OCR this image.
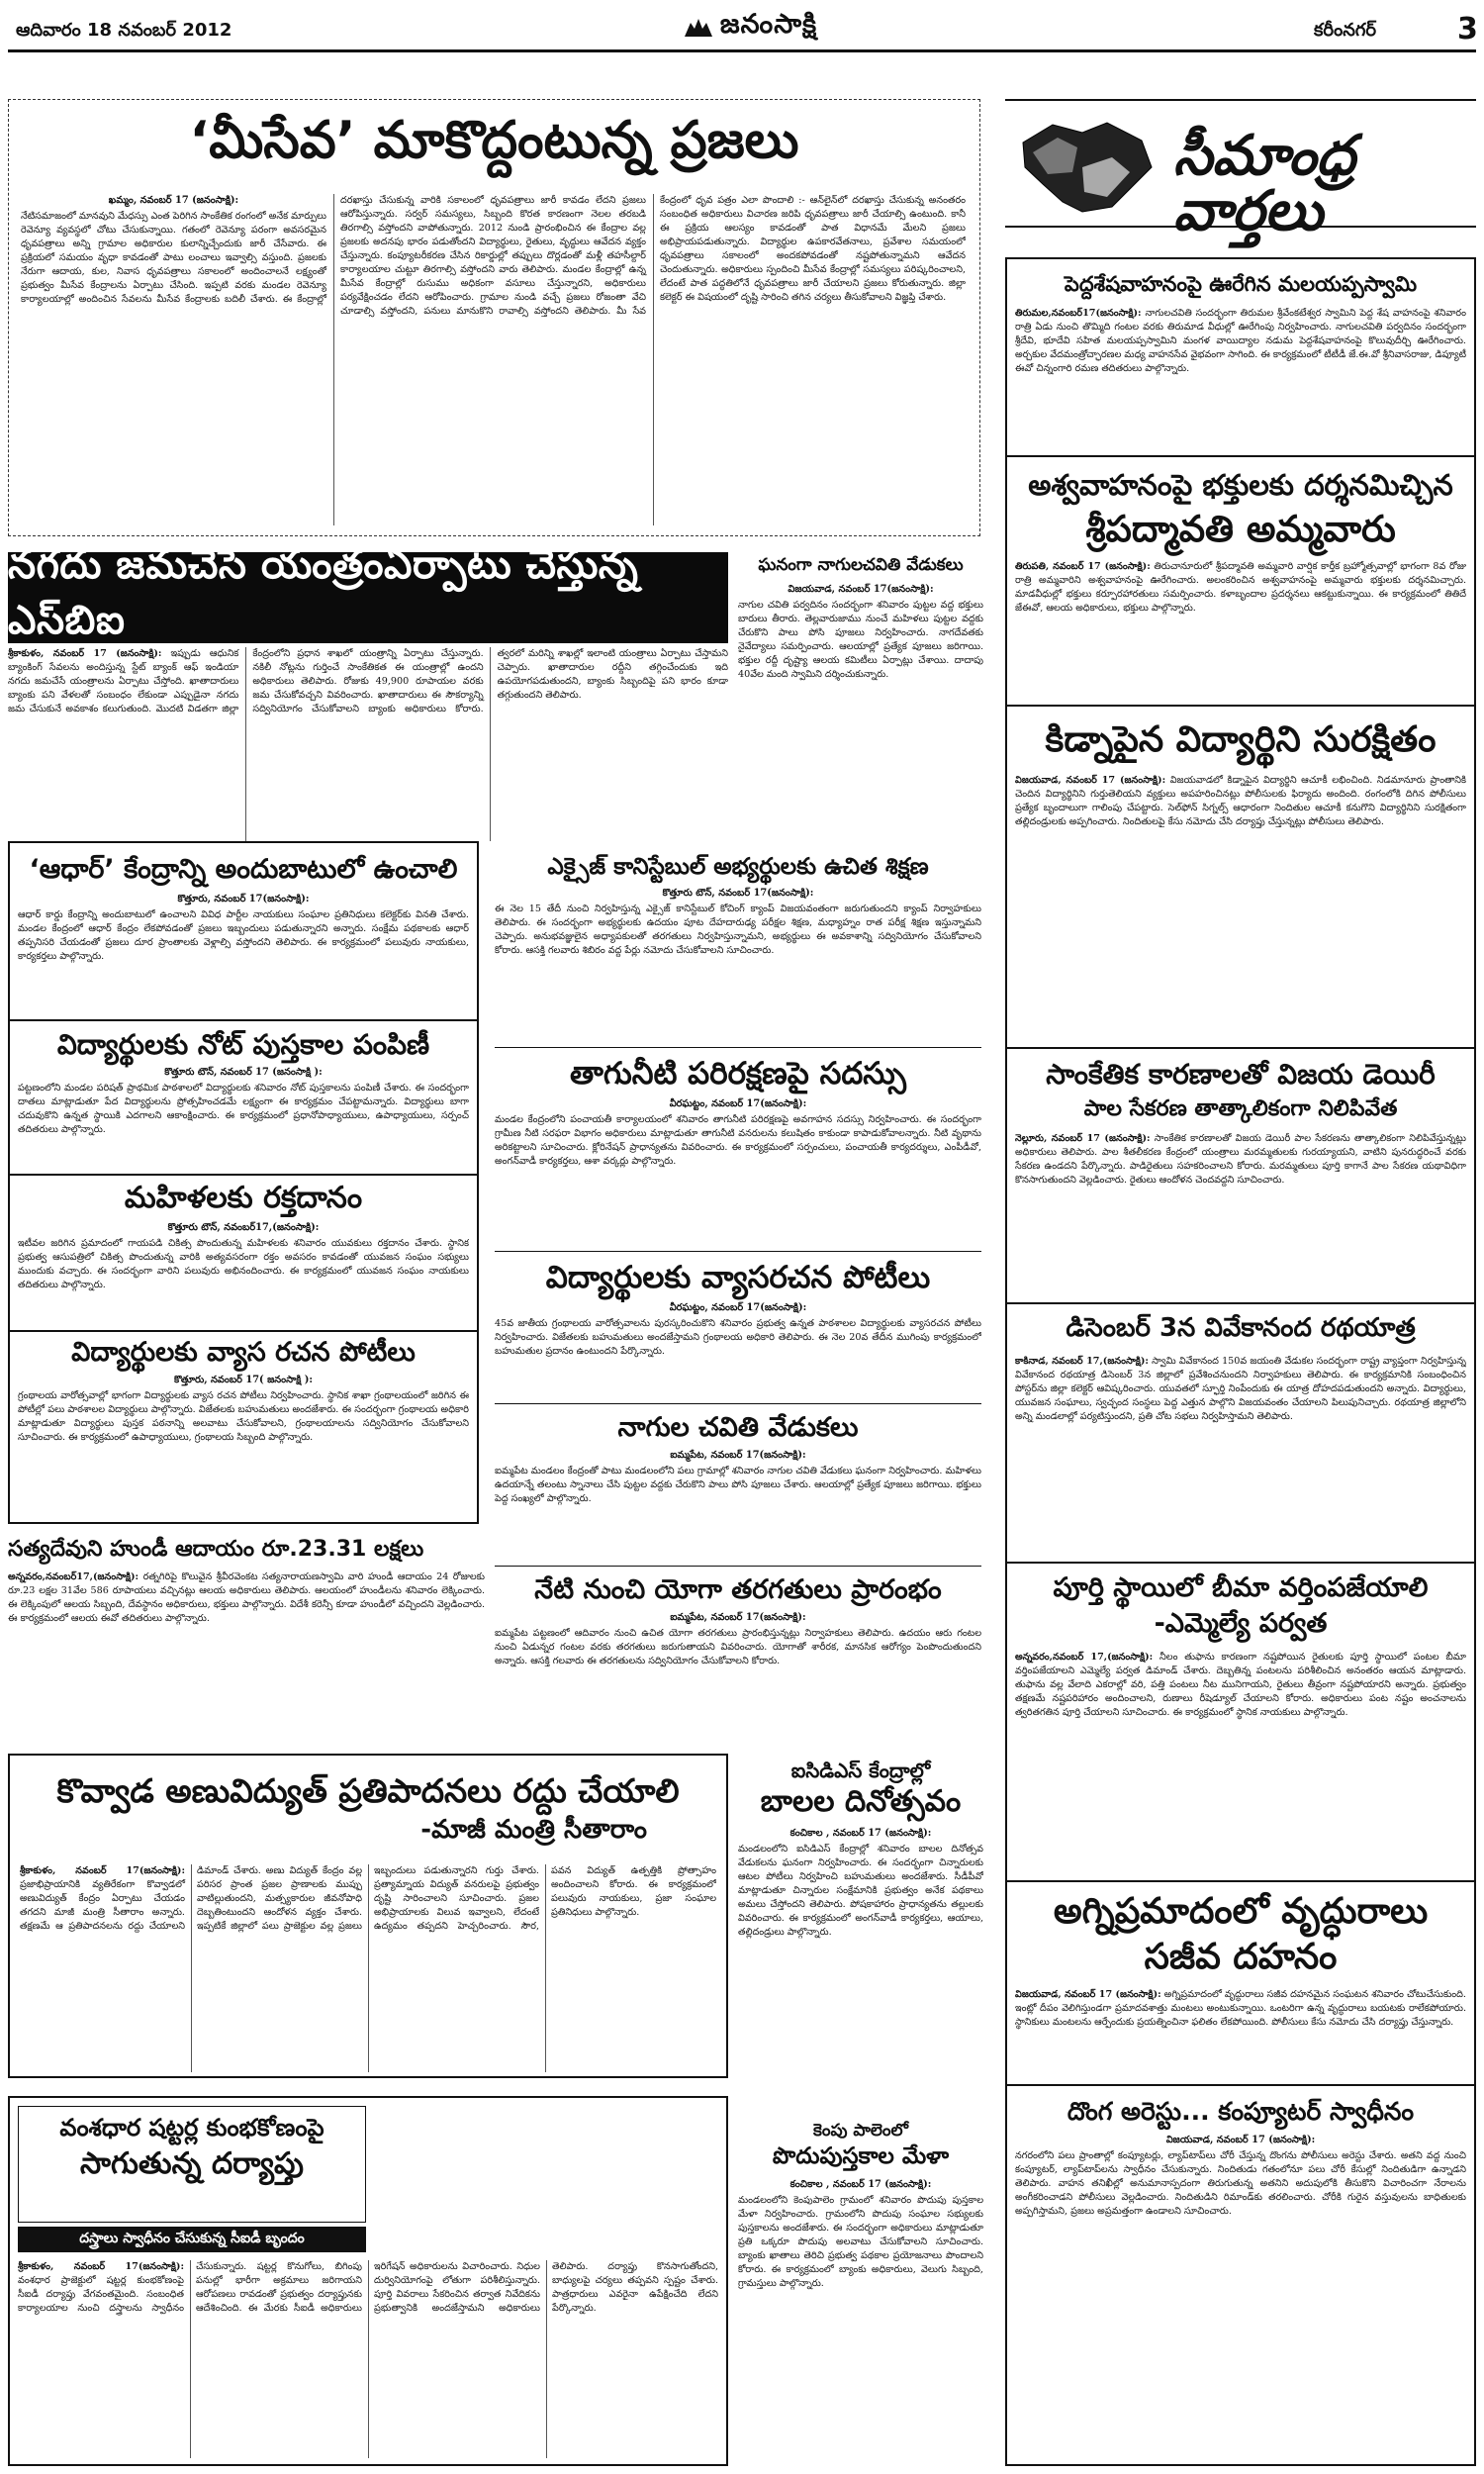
ఆదివారం 18 నవంబర్ 2012	జనంసాక్షి	కరీంనగర్	3
‘మీసేవ’ మాకొద్దంటున్న ప్రజలు
ఖమ్మం, నవంబర్ 17 (జనంసాక్షి):
నేటిసమాజంలో మానవుని మేధస్సు ఎంత పెరిగిన సాంకేతిక రంగంలో అనేక మార్పులు రెవెన్యూ వ్యవస్థలో చోటు చేసుకున్నాయి. గతంలో రెవెన్యూ పరంగా అవసరమైన ధృవపత్రాలు అన్ని గ్రామాల అధికారుల కులాన్నిచ్చేందుకు జారీ చేసేవారు. ఈ ప్రక్రియలో సమయం వృధా కావడంతో పాటు లంచాలు ఇవ్వాల్సి వస్తుంది. ప్రజలకు నేరుగా ఆదాయ, కుల, నివాస ధృవపత్రాలు సకాలంలో అందించాలనే లక్ష్యంతో ప్రభుత్వం మీసేవ కేంద్రాలను ఏర్పాటు చేసింది. ఇప్పటి వరకు మండల రెవెన్యూ కార్యాలయాల్లో అందించిన సేవలను మీసేవ కేంద్రాలకు బదిలీ చేశారు. ఈ కేంద్రాల్లో దరఖాస్తు చేసుకున్న వారికి సకాలంలో ధృవపత్రాలు జారీ కావడం లేదని ప్రజలు ఆరోపిస్తున్నారు. సర్వర్ సమస్యలు, సిబ్బంది కొరత కారణంగా నెలల తరబడి తిరగాల్సి వస్తోందని వాపోతున్నారు. 2012 నుండి ప్రారంభించిన ఈ కేంద్రాల వల్ల ప్రజలకు అదనపు భారం పడుతోందని విద్యార్థులు, రైతులు, వృద్ధులు ఆవేదన వ్యక్తం చేస్తున్నారు. కంప్యూటరీకరణ చేసిన రికార్డుల్లో తప్పులు దొర్లడంతో మళ్లీ తహసీల్దార్ కార్యాలయాల చుట్టూ తిరగాల్సి వస్తోందని వారు తెలిపారు. మండల కేంద్రాల్లో ఉన్న మీసేవ కేంద్రాల్లో రుసుము అధికంగా వసూలు చేస్తున్నారని, అధికారులు పర్యవేక్షించడం లేదని ఆరోపించారు. గ్రామాల నుండి వచ్చే ప్రజలు రోజంతా వేచి చూడాల్సి వస్తోందని, పనులు మానుకొని రావాల్సి వస్తోందని తెలిపారు. మీ సేవ కేంద్రంలో ధృవ పత్రం ఎలా పొందాలి :- ఆన్‌లైన్‌లో దరఖాస్తు చేసుకున్న అనంతరం సంబంధిత అధికారులు విచారణ జరిపి ధృవపత్రాలు జారీ చేయాల్సి ఉంటుంది. కానీ ఈ ప్రక్రియ ఆలస్యం కావడంతో పాత విధానమే మేలని ప్రజలు అభిప్రాయపడుతున్నారు. విద్యార్థుల ఉపకారవేతనాలు, ప్రవేశాల సమయంలో ధృవపత్రాలు సకాలంలో అందకపోవడంతో నష్టపోతున్నామని ఆవేదన చెందుతున్నారు. అధికారులు స్పందించి మీసేవ కేంద్రాల్లో సమస్యలు పరిష్కరించాలని, లేదంటే పాత పద్ధతిలోనే ధృవపత్రాలు జారీ చేయాలని ప్రజలు కోరుతున్నారు. జిల్లా కలెక్టర్ ఈ విషయంలో దృష్టి సారించి తగిన చర్యలు తీసుకోవాలని విజ్ఞప్తి చేశారు.
సీమాంధ్ర వార్తలు
పెద్దశేషవాహనంపై ఊరేగిన మలయప్పస్వామి
తిరుమల,నవంబర్17(జనంసాక్షి): నాగులచవితి సందర్భంగా తిరుమల శ్రీవేంకటేశ్వర స్వామిని పెద్ద శేష వాహనంపై శనివారం రాత్రి ఏడు నుంచి తొమ్మిది గంటల వరకు తిరుమాడ వీధుల్లో ఊరేగింపు నిర్వహించారు. నాగులచవితి పర్వదినం సందర్భంగా శ్రీదేవి, భూదేవి సహిత మలయప్పస్వామిని మంగళ వాయిద్యాల నడుమ పెద్దశేషవాహనంపై కొలువుదీర్చి ఊరేగించారు. అర్చకుల వేదమంత్రోచ్ఛారణల మధ్య వాహనసేవ వైభవంగా సాగింది. ఈ కార్యక్రమంలో టీటీడీ జే.ఈ.వో శ్రీనివాసరాజు, డిప్యూటీ ఈవో చిన్నంగారి రమణ తదితరులు పాల్గొన్నారు.
అశ్వవాహనంపై భక్తులకు దర్శనమిచ్చిన
శ్రీపద్మావతి అమ్మవారు
తిరుపతి, నవంబర్ 17 (జనంసాక్షి): తిరుచానూరులో శ్రీపద్మావతి అమ్మవారి వార్షిక కార్తీక బ్రహ్మోత్సవాల్లో భాగంగా 8వ రోజు రాత్రి అమ్మవారిని అశ్వవాహనంపై ఊరేగించారు. అలంకరించిన అశ్వవాహనంపై అమ్మవారు భక్తులకు దర్శనమిచ్చారు. మాడవీధుల్లో భక్తులు కర్పూరహారతులు సమర్పించారు. కళాబృందాల ప్రదర్శనలు ఆకట్టుకున్నాయి. ఈ కార్యక్రమంలో తితిదే జేఈవో, ఆలయ అధికారులు, భక్తులు పాల్గొన్నారు.
కిడ్నాపైన విద్యార్థిని సురక్షితం
విజయవాడ, నవంబర్ 17 (జనంసాక్షి): విజయవాడలో కిడ్నాపైన విద్యార్థిని ఆచూకీ లభించింది. నిడమానూరు ప్రాంతానికి చెందిన విద్యార్థినిని గుర్తుతెలియని వ్యక్తులు అపహరించినట్లు పోలీసులకు ఫిర్యాదు అందింది. రంగంలోకి దిగిన పోలీసులు ప్రత్యేక బృందాలుగా గాలింపు చేపట్టారు. సెల్‌ఫోన్ సిగ్నల్స్ ఆధారంగా నిందితుల ఆచూకీ కనుగొని విద్యార్థినిని సురక్షితంగా తల్లిదండ్రులకు అప్పగించారు. నిందితులపై కేసు నమోదు చేసి దర్యాప్తు చేస్తున్నట్లు పోలీసులు తెలిపారు.
సాంకేతిక కారణాలతో విజయ డెయిరీ
పాల సేకరణ తాత్కాలికంగా నిలిపివేత
నెల్లూరు, నవంబర్ 17 (జనంసాక్షి): సాంకేతిక కారణాలతో విజయ డెయిరీ పాల సేకరణను తాత్కాలికంగా నిలిపివేస్తున్నట్లు అధికారులు తెలిపారు. పాల శీతలీకరణ కేంద్రంలో యంత్రాలు మరమ్మతులకు గురయ్యాయని, వాటిని పునరుద్ధరించే వరకు సేకరణ ఉండదని పేర్కొన్నారు. పాడిరైతులు సహకరించాలని కోరారు. మరమ్మతులు పూర్తి కాగానే పాల సేకరణ యథావిధిగా కొనసాగుతుందని వెల్లడించారు. రైతులు ఆందోళన చెందవద్దని సూచించారు.
డిసెంబర్ 3న వివేకానంద రథయాత్ర
కాకినాడ, నవంబర్ 17,(జనంసాక్షి): స్వామి వివేకానంద 150వ జయంతి వేడుకల సందర్భంగా రాష్ట్ర వ్యాప్తంగా నిర్వహిస్తున్న వివేకానంద రథయాత్ర డిసెంబర్ 3న జిల్లాలో ప్రవేశించనుందని నిర్వాహకులు తెలిపారు. ఈ కార్యక్రమానికి సంబంధించిన పోస్టర్‌ను జిల్లా కలెక్టర్ ఆవిష్కరించారు. యువతలో స్ఫూర్తి నింపేందుకు ఈ యాత్ర దోహదపడుతుందని అన్నారు. విద్యార్థులు, యువజన సంఘాలు, స్వచ్ఛంద సంస్థలు పెద్ద ఎత్తున పాల్గొని విజయవంతం చేయాలని పిలుపునిచ్చారు. రథయాత్ర జిల్లాలోని అన్ని మండలాల్లో పర్యటిస్తుందని, ప్రతి చోట సభలు నిర్వహిస్తామని తెలిపారు.
పూర్తి స్థాయిలో బీమా వర్తింపజేయాలి
-ఎమ్మెల్యే పర్వత
అన్నవరం,నవంబర్ 17,(జనంసాక్షి): నీలం తుఫాను కారణంగా నష్టపోయిన రైతులకు పూర్తి స్థాయిలో పంటల బీమా వర్తింపజేయాలని ఎమ్మెల్యే పర్వత డిమాండ్ చేశారు. దెబ్బతిన్న పంటలను పరిశీలించిన అనంతరం ఆయన మాట్లాడారు. తుఫాను వల్ల వేలాది ఎకరాల్లో వరి, పత్తి పంటలు నీట మునిగాయని, రైతులు తీవ్రంగా నష్టపోయారని అన్నారు. ప్రభుత్వం తక్షణమే నష్టపరిహారం అందించాలని, రుణాలు రీషెడ్యూల్ చేయాలని కోరారు. అధికారులు పంట నష్టం అంచనాలను త్వరితగతిన పూర్తి చేయాలని సూచించారు. ఈ కార్యక్రమంలో స్థానిక నాయకులు పాల్గొన్నారు.
అగ్నిప్రమాదంలో వృద్ధురాలు
సజీవ దహనం
విజయవాడ, నవంబర్ 17 (జనంసాక్షి): అగ్నిప్రమాదంలో వృద్ధురాలు సజీవ దహనమైన సంఘటన శనివారం చోటుచేసుకుంది. ఇంట్లో దీపం వెలిగిస్తుండగా ప్రమాదవశాత్తు మంటలు అంటుకున్నాయి. ఒంటరిగా ఉన్న వృద్ధురాలు బయటకు రాలేకపోయారు. స్థానికులు మంటలను ఆర్పేందుకు ప్రయత్నించినా ఫలితం లేకపోయింది. పోలీసులు కేసు నమోదు చేసి దర్యాప్తు చేస్తున్నారు.
దొంగ అరెస్టు... కంప్యూటర్ స్వాధీనం
విజయవాడ, నవంబర్ 17 (జనంసాక్షి):
నగరంలోని పలు ప్రాంతాల్లో కంప్యూటర్లు, ల్యాప్‌టాప్‌లు చోరీ చేస్తున్న దొంగను పోలీసులు అరెస్టు చేశారు. అతని వద్ద నుంచి కంప్యూటర్, ల్యాప్‌టాప్‌లను స్వాధీనం చేసుకున్నారు. నిందితుడు గతంలోనూ పలు చోరీ కేసుల్లో నిందితుడిగా ఉన్నాడని తెలిపారు. వాహన తనిఖీల్లో అనుమానాస్పదంగా తిరుగుతున్న అతనిని అదుపులోకి తీసుకొని విచారించగా నేరాలను అంగీకరించాడని పోలీసులు వెల్లడించారు. నిందితుడిని రిమాండ్‌కు తరలించారు. చోరీకి గురైన వస్తువులను బాధితులకు అప్పగిస్తామని, ప్రజలు అప్రమత్తంగా ఉండాలని సూచించారు.
నగదు జమచేసే యంత్రంఏర్పాటు చేస్తున్న ఎస్‌బిఐ
శ్రీకాకుళం, నవంబర్ 17 (జనంసాక్షి): ఇప్పుడు ఆధునిక బ్యాంకింగ్ సేవలను అందిస్తున్న స్టేట్ బ్యాంక్ ఆఫ్ ఇండియా నగదు జమచేసే యంత్రాలను ఏర్పాటు చేస్తోంది. ఖాతాదారులు బ్యాంకు పని వేళలతో సంబంధం లేకుండా ఎప్పుడైనా నగదు జమ చేసుకునే అవకాశం కలుగుతుంది. మొదటి విడతగా జిల్లా కేంద్రంలోని ప్రధాన శాఖలో యంత్రాన్ని ఏర్పాటు చేస్తున్నారు. నకిలీ నోట్లను గుర్తించే సాంకేతికత ఈ యంత్రాల్లో ఉందని అధికారులు తెలిపారు. రోజుకు 49,900 రూపాయల వరకు జమ చేసుకోవచ్చని వివరించారు. ఖాతాదారులు ఈ సౌకర్యాన్ని సద్వినియోగం చేసుకోవాలని బ్యాంకు అధికారులు కోరారు. త్వరలో మరిన్ని శాఖల్లో ఇలాంటి యంత్రాలు ఏర్పాటు చేస్తామని చెప్పారు. ఖాతాదారుల రద్దీని తగ్గించేందుకు ఇది ఉపయోగపడుతుందని, బ్యాంకు సిబ్బందిపై పని భారం కూడా తగ్గుతుందని తెలిపారు.
ఘనంగా నాగులచవితి వేడుకలు
విజయవాడ, నవంబర్ 17(జనంసాక్షి):
నాగుల చవితి పర్వదినం సందర్భంగా శనివారం పుట్టల వద్ద భక్తులు బారులు తీరారు. తెల్లవారుజాము నుంచే మహిళలు పుట్టల వద్దకు చేరుకొని పాలు పోసి పూజలు నిర్వహించారు. నాగదేవతకు నైవేద్యాలు సమర్పించారు. ఆలయాల్లో ప్రత్యేక పూజలు జరిగాయి. భక్తుల రద్దీ దృష్ట్యా ఆలయ కమిటీలు ఏర్పాట్లు చేశాయి. దాదాపు 40వేల మంది స్వామిని దర్శించుకున్నారు.
‘ఆధార్’ కేంద్రాన్ని అందుబాటులో ఉంచాలి
కొత్తూరు, నవంబర్ 17(జనంసాక్షి):
ఆధార్ కార్డు కేంద్రాన్ని అందుబాటులో ఉంచాలని వివిధ పార్టీల నాయకులు సంఘాల ప్రతినిధులు కలెక్టర్‌కు వినతి చేశారు. మండల కేంద్రంలో ఆధార్ కేంద్రం లేకపోవడంతో ప్రజలు ఇబ్బందులు పడుతున్నారని అన్నారు. సంక్షేమ పథకాలకు ఆధార్ తప్పనిసరి చేయడంతో ప్రజలు దూర ప్రాంతాలకు వెళ్లాల్సి వస్తోందని తెలిపారు. ఈ కార్యక్రమంలో పలువురు నాయకులు, కార్యకర్తలు పాల్గొన్నారు.
విద్యార్థులకు నోట్ పుస్తకాల పంపిణీ
కొత్తూరు టౌన్, నవంబర్ 17 (జనంసాక్షి ):
పట్టణంలోని మండల పరిషత్ ప్రాథమిక పాఠశాలలో విద్యార్థులకు శనివారం నోట్ పుస్తకాలను పంపిణీ చేశారు. ఈ సందర్భంగా దాతలు మాట్లాడుతూ పేద విద్యార్థులను ప్రోత్సహించడమే లక్ష్యంగా ఈ కార్యక్రమం చేపట్టామన్నారు. విద్యార్థులు బాగా చదువుకొని ఉన్నత స్థాయికి ఎదగాలని ఆకాంక్షించారు. ఈ కార్యక్రమంలో ప్రధానోపాధ్యాయులు, ఉపాధ్యాయులు, సర్పంచ్ తదితరులు పాల్గొన్నారు.
మహిళలకు రక్తదానం
కొత్తూరు టౌన్, నవంబర్17,(జనంసాక్షి):
ఇటీవల జరిగిన ప్రమాదంలో గాయపడి చికిత్స పొందుతున్న మహిళలకు శనివారం యువకులు రక్తదానం చేశారు. స్థానిక ప్రభుత్వ ఆసుపత్రిలో చికిత్స పొందుతున్న వారికి అత్యవసరంగా రక్తం అవసరం కావడంతో యువజన సంఘం సభ్యులు ముందుకు వచ్చారు. ఈ సందర్భంగా వారిని పలువురు అభినందించారు. ఈ కార్యక్రమంలో యువజన సంఘం నాయకులు తదితరులు పాల్గొన్నారు.
విద్యార్థులకు వ్యాస రచన పోటీలు
కొత్తూరు, నవంబర్ 17( జనంసాక్షి ):
గ్రంథాలయ వారోత్సవాల్లో భాగంగా విద్యార్థులకు వ్యాస రచన పోటీలు నిర్వహించారు. స్థానిక శాఖా గ్రంథాలయంలో జరిగిన ఈ పోటీల్లో పలు పాఠశాలల విద్యార్థులు పాల్గొన్నారు. విజేతలకు బహుమతులు అందజేశారు. ఈ సందర్భంగా గ్రంథాలయ అధికారి మాట్లాడుతూ విద్యార్థులు పుస్తక పఠనాన్ని అలవాటు చేసుకోవాలని, గ్రంథాలయాలను సద్వినియోగం చేసుకోవాలని సూచించారు. ఈ కార్యక్రమంలో ఉపాధ్యాయులు, గ్రంథాలయ సిబ్బంది పాల్గొన్నారు.
ఎక్సైజ్ కానిస్టేబుల్ అభ్యర్థులకు ఉచిత శిక్షణ
కొత్తూరు టౌన్, నవంబర్ 17(జనంసాక్షి):
ఈ నెల 15 తేదీ నుంచి నిర్వహిస్తున్న ఎక్సైజ్ కానిస్టేబుల్ కోచింగ్ క్యాంప్ విజయవంతంగా జరుగుతుందని క్యాంప్ నిర్వాహకులు తెలిపారు. ఈ సందర్భంగా అభ్యర్థులకు ఉదయం పూట దేహదారుఢ్య పరీక్షల శిక్షణ, మధ్యాహ్నం రాత పరీక్ష శిక్షణ ఇస్తున్నామని చెప్పారు. అనుభవజ్ఞులైన అధ్యాపకులతో తరగతులు నిర్వహిస్తున్నామని, అభ్యర్థులు ఈ అవకాశాన్ని సద్వినియోగం చేసుకోవాలని కోరారు. ఆసక్తి గలవారు శిబిరం వద్ద పేర్లు నమోదు చేసుకోవాలని సూచించారు.
తాగునీటి పరిరక్షణపై సదస్సు
వీరఘట్టం, నవంబర్ 17(జనంసాక్షి):
మండల కేంద్రంలోని పంచాయతీ కార్యాలయంలో శనివారం తాగునీటి పరిరక్షణపై అవగాహన సదస్సు నిర్వహించారు. ఈ సందర్భంగా గ్రామీణ నీటి సరఫరా విభాగం అధికారులు మాట్లాడుతూ తాగునీటి వనరులను కలుషితం కాకుండా కాపాడుకోవాలన్నారు. నీటి వృథాను అరికట్టాలని సూచించారు. క్లోరినేషన్ ప్రాధాన్యతను వివరించారు. ఈ కార్యక్రమంలో సర్పంచులు, పంచాయతీ కార్యదర్శులు, ఎంపీడీవో, అంగన్‌వాడీ కార్యకర్తలు, ఆశా వర్కర్లు పాల్గొన్నారు.
విద్యార్థులకు వ్యాసరచన పోటీలు
వీరఘట్టం, నవంబర్ 17(జనంసాక్షి):
45వ జాతీయ గ్రంథాలయ వారోత్సవాలను పురస్కరించుకొని శనివారం ప్రభుత్వ ఉన్నత పాఠశాలల విద్యార్థులకు వ్యాసరచన పోటీలు నిర్వహించారు. విజేతలకు బహుమతులు అందజేస్తామని గ్రంథాలయ అధికారి తెలిపారు. ఈ నెల 20వ తేదీన ముగింపు కార్యక్రమంలో బహుమతుల ప్రదానం ఉంటుందని పేర్కొన్నారు.
నాగుల చవితి వేడుకలు
ఐమ్మపేట, నవంబర్ 17(జనంసాక్షి):
ఐమ్మపేట మండలం కేంద్రంతో పాటు మండలంలోని పలు గ్రామాల్లో శనివారం నాగుల చవితి వేడుకలు ఘనంగా నిర్వహించారు. మహిళలు ఉదయాన్నే తలంటు స్నానాలు చేసి పుట్టల వద్దకు చేరుకొని పాలు పోసి పూజలు చేశారు. ఆలయాల్లో ప్రత్యేక పూజలు జరిగాయి. భక్తులు పెద్ద సంఖ్యలో పాల్గొన్నారు.
నేటి నుంచి యోగా తరగతులు ప్రారంభం
ఐమ్మపేట, నవంబర్ 17(జనంసాక్షి):
ఐమ్మపేట పట్టణంలో ఆదివారం నుంచి ఉచిత యోగా తరగతులు ప్రారంభిస్తున్నట్లు నిర్వాహకులు తెలిపారు. ఉదయం ఆరు గంటల నుంచి ఏడున్నర గంటల వరకు తరగతులు జరుగుతాయని వివరించారు. యోగాతో శారీరక, మానసిక ఆరోగ్యం పెంపొందుతుందని అన్నారు. ఆసక్తి గలవారు ఈ తరగతులను సద్వినియోగం చేసుకోవాలని కోరారు.
సత్యదేవుని హుండీ ఆదాయం రూ.23.31 లక్షలు
అన్నవరం,నవంబర్17,(జనంసాక్షి): రత్నగిరిపై కొలువైన శ్రీవీరవెంకట సత్యనారాయణస్వామి వారి హుండీ ఆదాయం 24 రోజులకు రూ.23 లక్షల 31వేల 586 రూపాయలు వచ్చినట్లు ఆలయ అధికారులు తెలిపారు. ఆలయంలో హుండీలను శనివారం లెక్కించారు. ఈ లెక్కింపులో ఆలయ సిబ్బంది, దేవస్థానం అధికారులు, భక్తులు పాల్గొన్నారు. విదేశీ కరెన్సీ కూడా హుండీలో వచ్చిందని వెల్లడించారు. ఈ కార్యక్రమంలో ఆలయ ఈవో తదితరులు పాల్గొన్నారు.
కొవ్వాడ అణువిద్యుత్ ప్రతిపాదనలు రద్దు చేయాలి
-మాజీ మంత్రి సీతారాం
శ్రీకాకుళం, నవంబర్ 17(జనంసాక్షి): ప్రజాభిప్రాయానికి వ్యతిరేకంగా కొవ్వాడలో అణువిద్యుత్ కేంద్రం ఏర్పాటు చేయడం తగదని మాజీ మంత్రి సీతారాం అన్నారు. తక్షణమే ఆ ప్రతిపాదనలను రద్దు చేయాలని డిమాండ్ చేశారు. అణు విద్యుత్ కేంద్రం వల్ల పరిసర ప్రాంత ప్రజల ప్రాణాలకు ముప్పు వాటిల్లుతుందని, మత్స్యకారుల జీవనోపాధి దెబ్బతింటుందని ఆందోళన వ్యక్తం చేశారు. ఇప్పటికే జిల్లాలో పలు ప్రాజెక్టుల వల్ల ప్రజలు ఇబ్బందులు పడుతున్నారని గుర్తు చేశారు. ప్రత్యామ్నాయ విద్యుత్ వనరులపై ప్రభుత్వం దృష్టి సారించాలని సూచించారు. ప్రజల అభిప్రాయాలకు విలువ ఇవ్వాలని, లేదంటే ఉద్యమం తప్పదని హెచ్చరించారు. సౌర, పవన విద్యుత్ ఉత్పత్తికి ప్రోత్సాహం అందించాలని కోరారు. ఈ కార్యక్రమంలో పలువురు నాయకులు, ప్రజా సంఘాల ప్రతినిధులు పాల్గొన్నారు.
ఐసిడిఎస్ కేంద్రాల్లో
బాలల దినోత్సవం
కంచికాల , నవంబర్ 17 (జనంసాక్షి):
మండలంలోని ఐసిడిఎస్ కేంద్రాల్లో శనివారం బాలల దినోత్సవ వేడుకలను ఘనంగా నిర్వహించారు. ఈ సందర్భంగా చిన్నారులకు ఆటల పోటీలు నిర్వహించి బహుమతులు అందజేశారు. సీడీపీవో మాట్లాడుతూ చిన్నారుల సంక్షేమానికి ప్రభుత్వం అనేక పథకాలు అమలు చేస్తోందని తెలిపారు. పోషకాహారం ప్రాధాన్యతను తల్లులకు వివరించారు. ఈ కార్యక్రమంలో అంగన్‌వాడీ కార్యకర్తలు, ఆయాలు, తల్లిదండ్రులు పాల్గొన్నారు.
వంశధార షట్టర్ల కుంభకోణంపై
సాగుతున్న దర్యాప్తు
దస్త్రాలు స్వాధీనం చేసుకున్న సీఐడీ బృందం
శ్రీకాకుళం, నవంబర్ 17(జనంసాక్షి): వంశధార ప్రాజెక్టులో షట్టర్ల కుంభకోణంపై సీఐడీ దర్యాప్తు వేగవంతమైంది. సంబంధిత కార్యాలయాల నుంచి దస్త్రాలను స్వాధీనం చేసుకున్నారు. షట్టర్ల కొనుగోలు, బిగింపు పనుల్లో భారీగా అక్రమాలు జరిగాయని ఆరోపణలు రావడంతో ప్రభుత్వం దర్యాప్తునకు ఆదేశించింది. ఈ మేరకు సీఐడీ అధికారులు ఇరిగేషన్ అధికారులను విచారించారు. నిధుల దుర్వినియోగంపై లోతుగా పరిశీలిస్తున్నారు. పూర్తి వివరాలు సేకరించిన తర్వాత నివేదికను ప్రభుత్వానికి అందజేస్తామని అధికారులు తెలిపారు. దర్యాప్తు కొనసాగుతోందని, బాధ్యులపై చర్యలు తప్పవని స్పష్టం చేశారు. పాత్రధారులు ఎవరైనా ఉపేక్షించేది లేదని పేర్కొన్నారు.
కెంపు పాలెంలో
పొదుపుస్తకాల మేళా
కంచికాల , నవంబర్ 17 (జనంసాక్షి):
మండలంలోని కెంపుపాలెం గ్రామంలో శనివారం పొదుపు పుస్తకాల మేళా నిర్వహించారు. గ్రామంలోని పొదుపు సంఘాల సభ్యులకు పుస్తకాలను అందజేశారు. ఈ సందర్భంగా అధికారులు మాట్లాడుతూ ప్రతి ఒక్కరూ పొదుపు అలవాటు చేసుకోవాలని సూచించారు. బ్యాంకు ఖాతాలు తెరిచి ప్రభుత్వ పథకాల ప్రయోజనాలు పొందాలని కోరారు. ఈ కార్యక్రమంలో బ్యాంకు అధికారులు, వెలుగు సిబ్బంది, గ్రామస్తులు పాల్గొన్నారు.
